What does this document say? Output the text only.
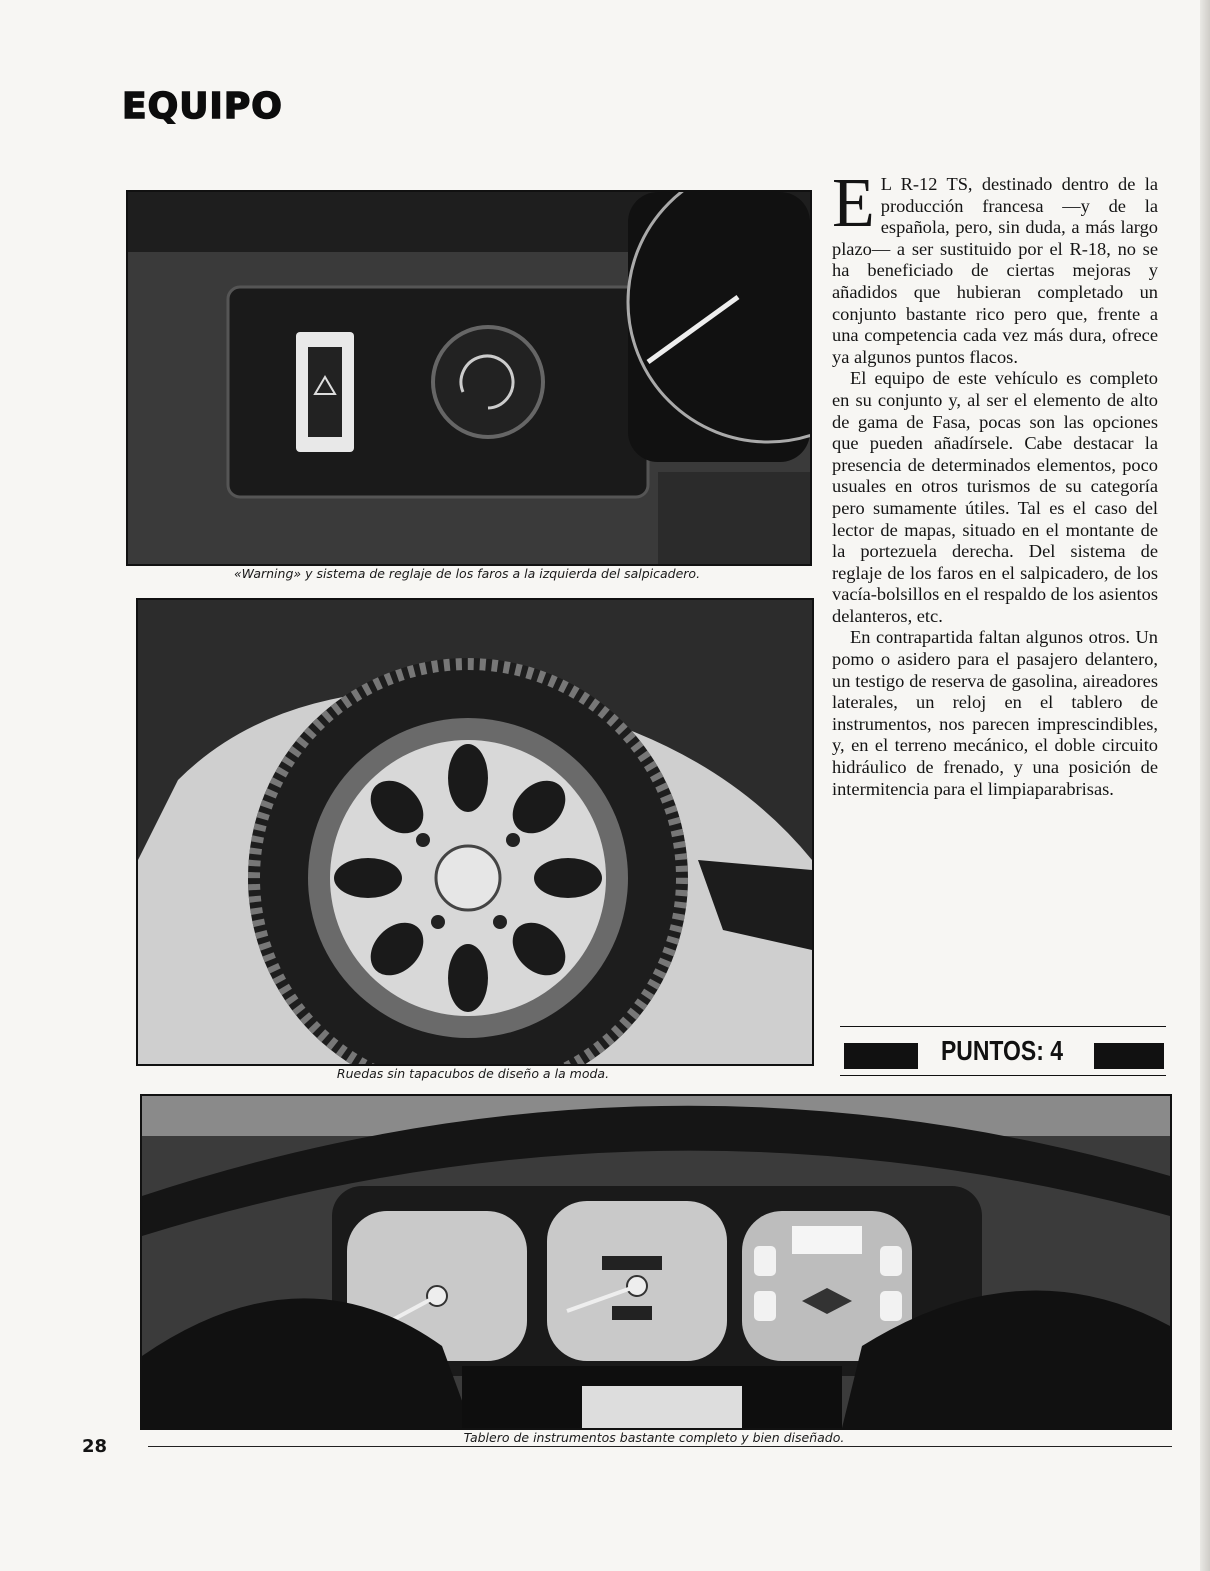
EQUIPO

«Warning» y sistema de reglaje de los faros a la izquierda del salpicadero.

Ruedas sin tapacubos de diseño a la moda.

Tablero de instrumentos bastante completo y bien diseñado.

E L R-12 TS, destinado dentro de la producción francesa —y de la española, pero, sin duda, a más largo plazo— a ser sustituido por el R-18, no se ha beneficiado de ciertas mejoras y añadidos que hubieran completado un conjunto bastante rico pero que, frente a una competencia cada vez más dura, ofrece ya algunos puntos flacos.

El equipo de este vehículo es completo en su conjunto y, al ser el elemento de alto de gama de Fasa, pocas son las opciones que pueden añadírsele. Cabe destacar la presencia de determinados elementos, poco usuales en otros turismos de su categoría pero sumamente útiles. Tal es el caso del lector de mapas, situado en el montante de la portezuela derecha. Del sistema de reglaje de los faros en el salpicadero, de los vacía-bolsillos en el respaldo de los asientos delanteros, etc.

En contrapartida faltan algunos otros. Un pomo o asidero para el pasajero delantero, un testigo de reserva de gasolina, aireadores laterales, un reloj en el tablero de instrumentos, nos parecen imprescindibles, y, en el terreno mecánico, el doble circuito hidráulico de frenado, y una posición de intermitencia para el limpiaparabrisas.

PUNTOS: 4
28
